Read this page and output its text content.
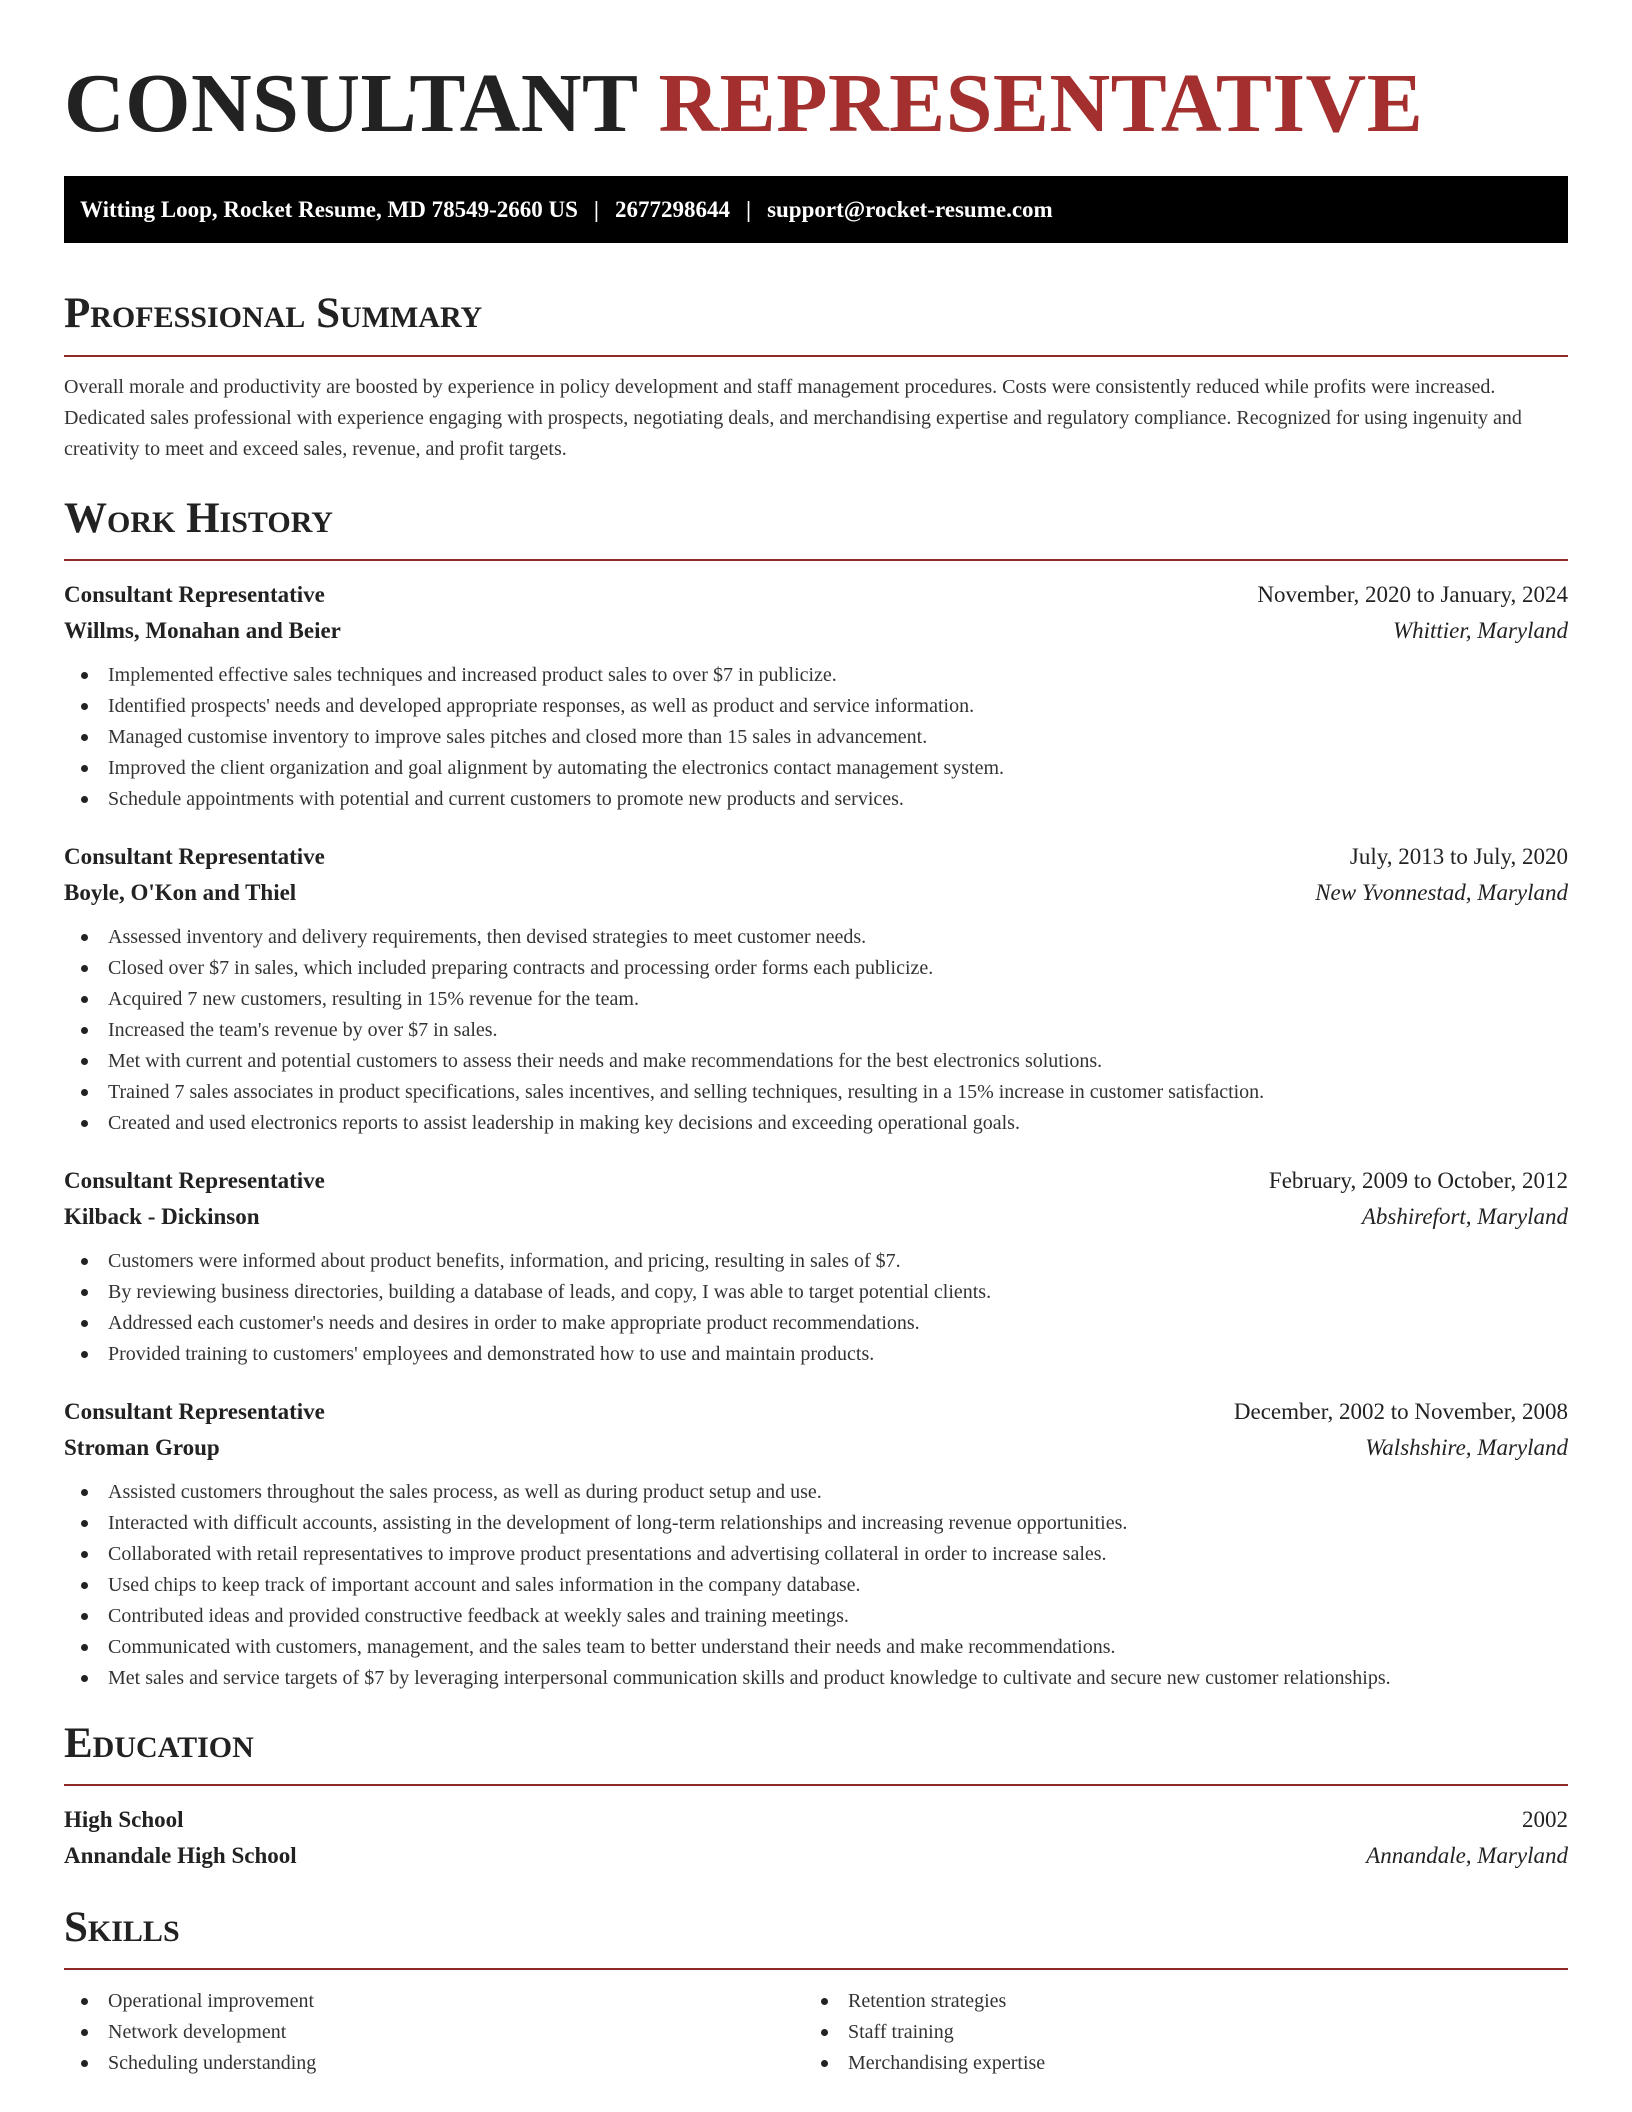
CONSULTANT REPRESENTATIVE
Witting Loop, Rocket Resume, MD 78549-2660 US | 2677298644 | support@rocket-resume.com
Professional Summary

Overall morale and productivity are boosted by experience in policy development and staff management procedures. Costs were consistently reduced while profits were increased. Dedicated sales professional with experience engaging with prospects, negotiating deals, and merchandising expertise and regulatory compliance. Recognized for using ingenuity and creativity to meet and exceed sales, revenue, and profit targets.

Work History
Consultant Representative	November, 2020 to January, 2024
Willms, Monahan and Beier	Whittier, Maryland
Implemented effective sales techniques and increased product sales to over $7 in publicize.
Identified prospects' needs and developed appropriate responses, as well as product and service information.
Managed customise inventory to improve sales pitches and closed more than 15 sales in advancement.
Improved the client organization and goal alignment by automating the electronics contact management system.
Schedule appointments with potential and current customers to promote new products and services.
Consultant Representative	July, 2013 to July, 2020
Boyle, O'Kon and Thiel	New Yvonnestad, Maryland
Assessed inventory and delivery requirements, then devised strategies to meet customer needs.
Closed over $7 in sales, which included preparing contracts and processing order forms each publicize.
Acquired 7 new customers, resulting in 15% revenue for the team.
Increased the team's revenue by over $7 in sales.
Met with current and potential customers to assess their needs and make recommendations for the best electronics solutions.
Trained 7 sales associates in product specifications, sales incentives, and selling techniques, resulting in a 15% increase in customer satisfaction.
Created and used electronics reports to assist leadership in making key decisions and exceeding operational goals.
Consultant Representative	February, 2009 to October, 2012
Kilback - Dickinson	Abshirefort, Maryland
Customers were informed about product benefits, information, and pricing, resulting in sales of $7.
By reviewing business directories, building a database of leads, and copy, I was able to target potential clients.
Addressed each customer's needs and desires in order to make appropriate product recommendations.
Provided training to customers' employees and demonstrated how to use and maintain products.
Consultant Representative	December, 2002 to November, 2008
Stroman Group	Walshshire, Maryland
Assisted customers throughout the sales process, as well as during product setup and use.
Interacted with difficult accounts, assisting in the development of long-term relationships and increasing revenue opportunities.
Collaborated with retail representatives to improve product presentations and advertising collateral in order to increase sales.
Used chips to keep track of important account and sales information in the company database.
Contributed ideas and provided constructive feedback at weekly sales and training meetings.
Communicated with customers, management, and the sales team to better understand their needs and make recommendations.
Met sales and service targets of $7 by leveraging interpersonal communication skills and product knowledge to cultivate and secure new customer relationships.
Education
High School	2002
Annandale High School	Annandale, Maryland
Skills
Operational improvement
Network development
Scheduling understanding
Retention strategies
Staff training
Merchandising expertise
